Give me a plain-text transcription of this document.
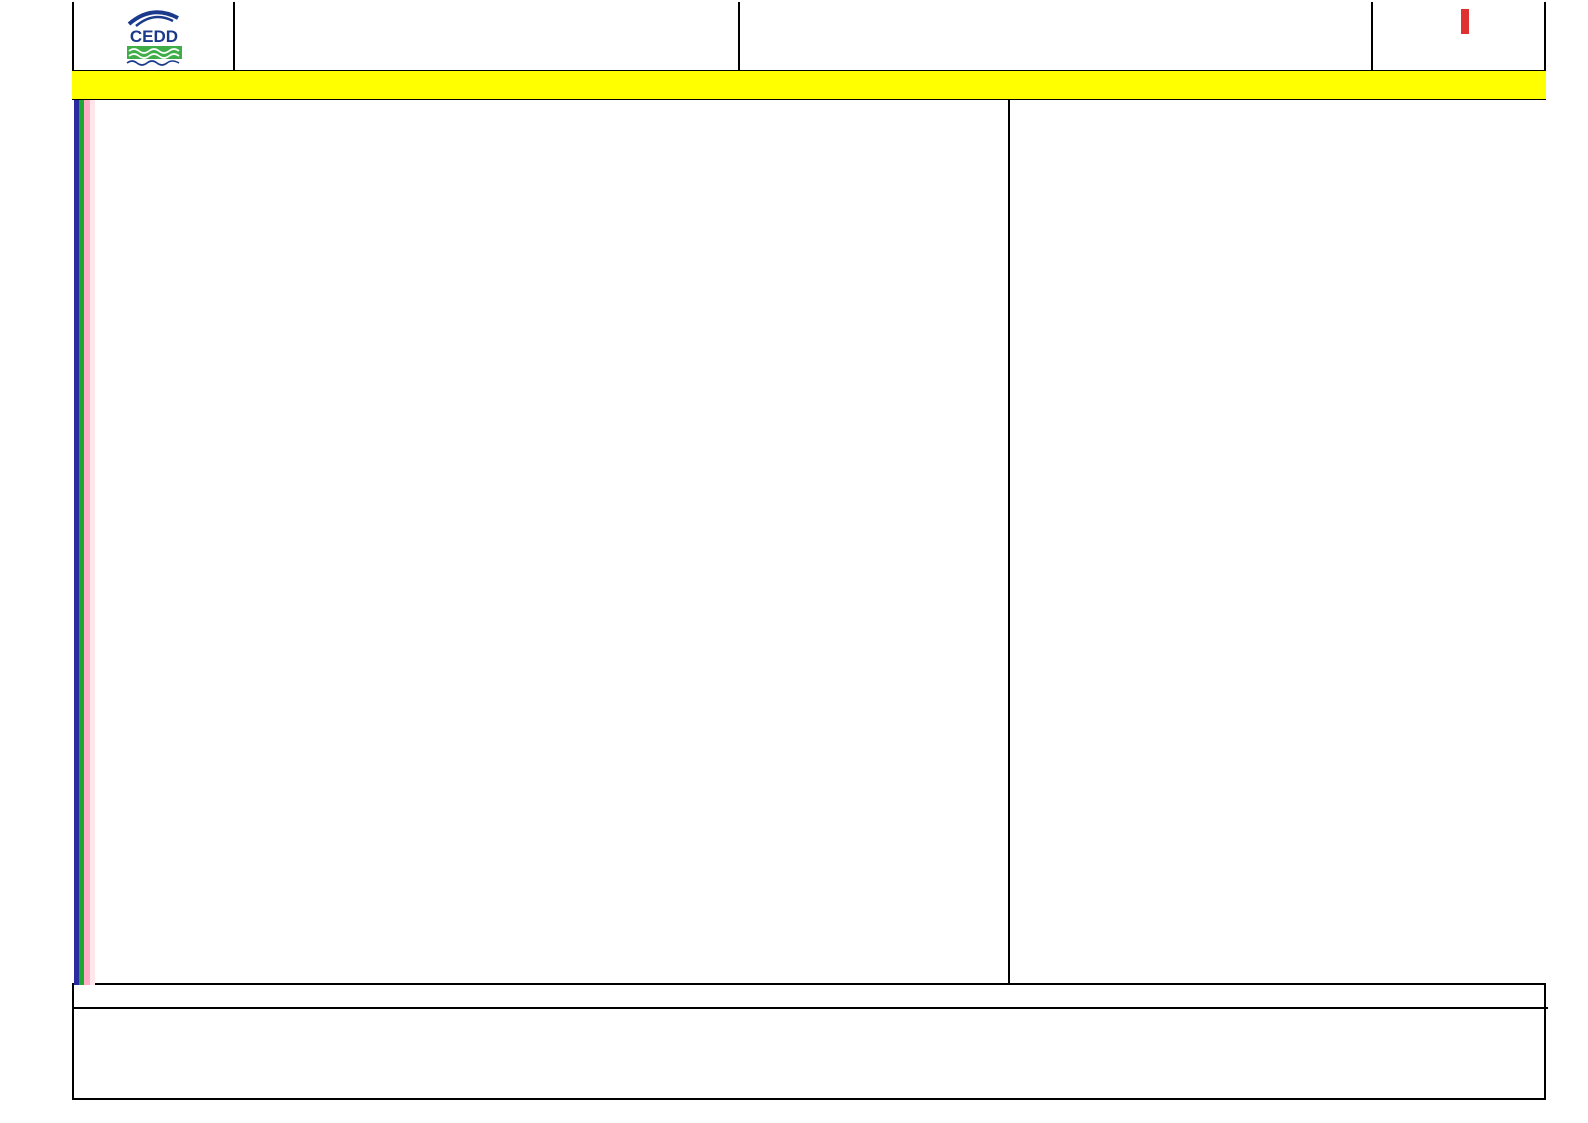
CEDD
